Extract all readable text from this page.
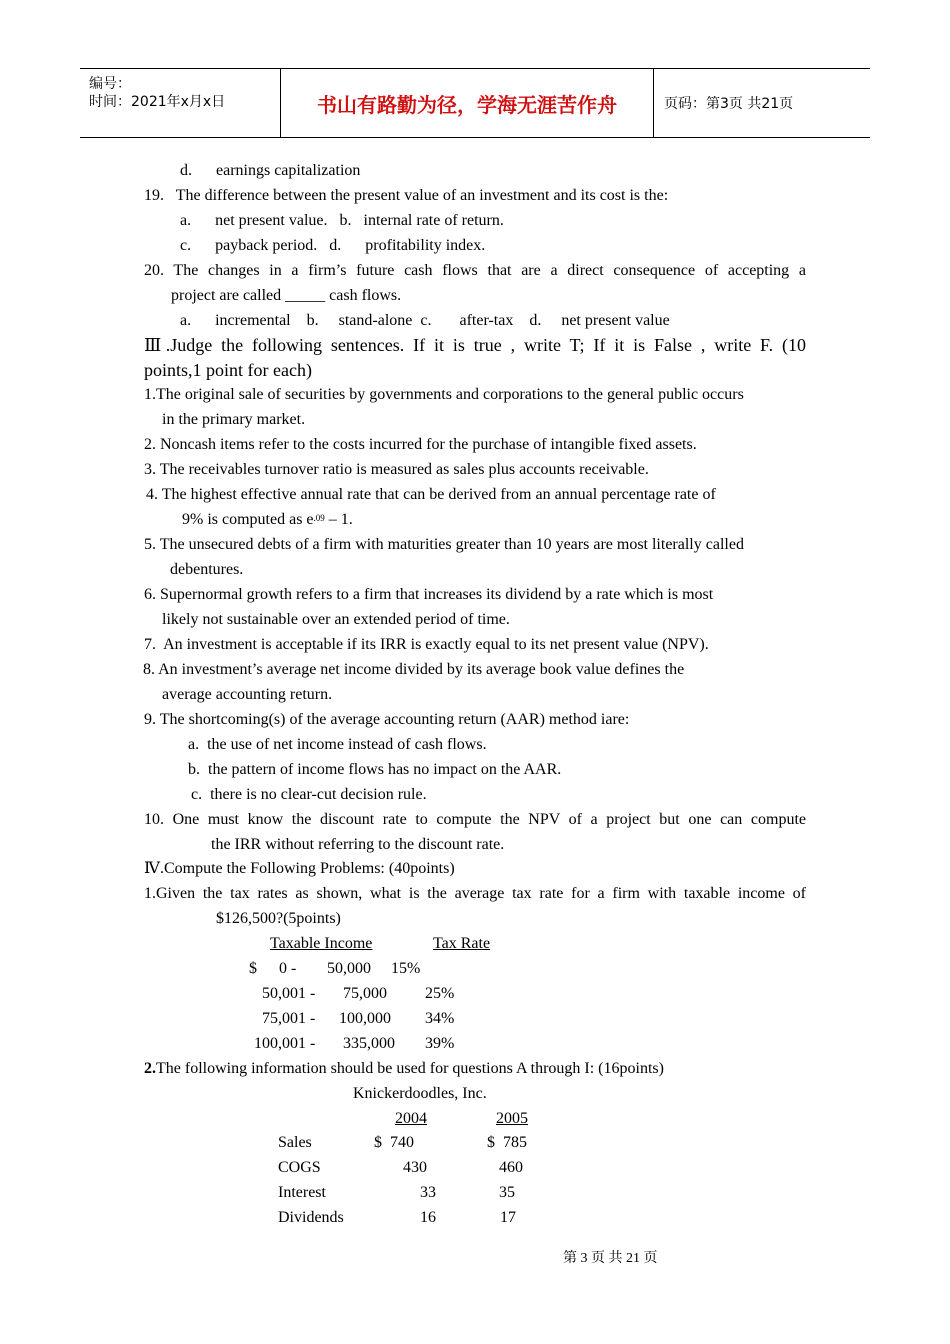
编号：
时间：2021年x月x日	书山有路勤为径，学海无涯苦作舟	页码：第3页 共21页
d. earnings capitalization
19.   The difference between the present value of an investment and its cost is the:
a.      net present value.   b.   internal rate of return.
c.      payback period.   d.      profitability index.
20. The changes in a firm’s future cash flows that are a direct consequence of accepting a
project are called _____ cash flows.
a.      incremental    b.     stand-alone  c.       after-tax    d.     net present value
Ⅲ.Judge the following sentences. If it is true , write T; If it is False , write F. (10
points,1 point for each)
1.The original sale of securities by governments and corporations to the general public occurs
in the primary market.
2. Noncash items refer to the costs incurred for the purchase of intangible fixed assets.
3. The receivables turnover ratio is measured as sales plus accounts receivable.
4. The highest effective annual rate that can be derived from an annual percentage rate of
9% is computed as $e^{.09} - 1$.
5. The unsecured debts of a firm with maturities greater than 10 years are most literally called
debentures.
6. Supernormal growth refers to a firm that increases its dividend by a rate which is most
likely not sustainable over an extended period of time.
7.  An investment is acceptable if its IRR is exactly equal to its net present value (NPV).
8. An investment’s average net income divided by its average book value defines the
average accounting return.
9. The shortcoming(s) of the average accounting return (AAR) method iare:
a.  the use of net income instead of cash flows.
b.  the pattern of income flows has no impact on the AAR.
c.  there is no clear-cut decision rule.
10. One must know the discount rate to compute the NPV of a project but one can compute
the IRR without referring to the discount rate.
Ⅳ.Compute the Following Problems: (40points)
1.Given the tax rates as shown, what is the average tax rate for a firm with taxable income of
$126,500?(5points)
Taxable Income	Tax Rate
$ 0 - 50,000 15%
50,001 - 75,000 25%
75,001 - 100,000 34%
100,001 - 335,000 39%
2.The following information should be used for questions A through I: (16points)
Knickerdoodles, Inc.
2004	2005
Sales	$  740	$  785
COGS	430	460
Interest	33	35
Dividends	16	17
第 3 页 共 21 页
